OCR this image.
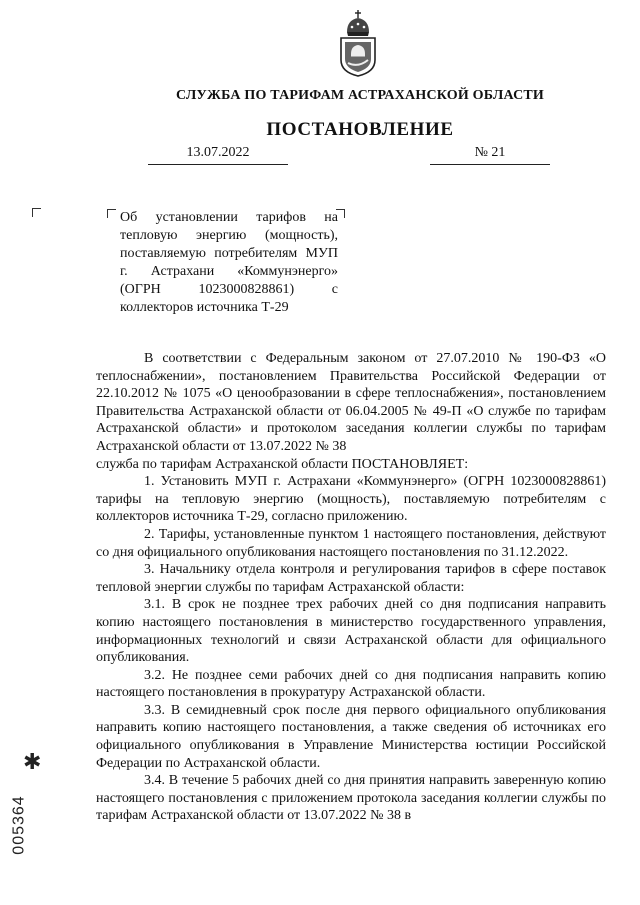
СЛУЖБА ПО ТАРИФАМ АСТРАХАНСКОЙ ОБЛАСТИ
ПОСТАНОВЛЕНИЕ
13.07.2022	№ 21
Об установлении тарифов на тепловую энергию (мощность), поставляемую потребителям МУП г. Астрахани «Коммунэнерго» (ОГРН 1023000828861) с коллекторов источника Т-29

В соответствии с Федеральным законом от 27.07.2010 № 190-ФЗ «О теплоснабжении», постановлением Правительства Российской Федерации от 22.10.2012 № 1075 «О ценообразовании в сфере теплоснабжения», постановлением Правительства Астраханской области от 06.04.2005 № 49-П «О службе по тарифам Астраханской области» и протоколом заседания коллегии службы по тарифам Астраханской области от 13.07.2022 № 38

служба по тарифам Астраханской области ПОСТАНОВЛЯЕТ:

1. Установить МУП г. Астрахани «Коммунэнерго» (ОГРН 1023000828861) тарифы на тепловую энергию (мощность), поставляемую потребителям с коллекторов источника Т-29, согласно приложению.

2. Тарифы, установленные пунктом 1 настоящего постановления, действуют со дня официального опубликования настоящего постановления по 31.12.2022.

3. Начальнику отдела контроля и регулирования тарифов в сфере поставок тепловой энергии службы по тарифам Астраханской области:

3.1. В срок не позднее трех рабочих дней со дня подписания направить копию настоящего постановления в министерство государственного управления, информационных технологий и связи Астраханской области для официального опубликования.

3.2. Не позднее семи рабочих дней со дня подписания направить копию настоящего постановления в прокуратуру Астраханской области.

3.3. В семидневный срок после дня первого официального опубликования направить копию настоящего постановления, а также сведения об источниках его официального опубликования в Управление Министерства юстиции Российской Федерации по Астраханской области.

3.4. В течение 5 рабочих дней со дня принятия направить заверенную копию настоящего постановления с приложением протокола заседания коллегии службы по тарифам Астраханской области от 13.07.2022 № 38 в

✱
005364
